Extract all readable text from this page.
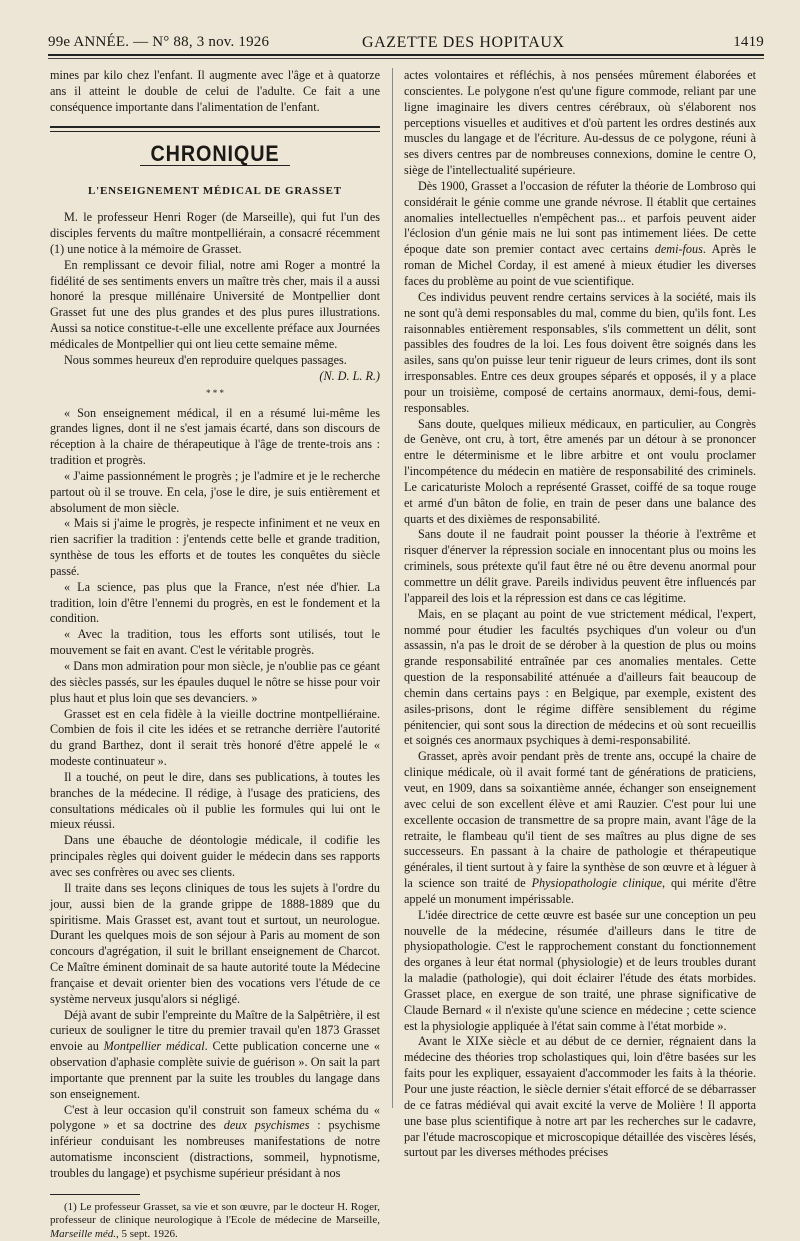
99e ANNÉE. — N° 88, 3 nov. 1926	GAZETTE DES HOPITAUX	1419

mines par kilo chez l'enfant. Il augmente avec l'âge et à quatorze ans il atteint le double de celui de l'adulte. Ce fait a une conséquence importante dans l'alimentation de l'enfant.

CHRONIQUE
L'ENSEIGNEMENT MÉDICAL DE GRASSET

M. le professeur Henri Roger (de Marseille), qui fut l'un des disciples fervents du maître montpelliérain, a consacré récemment (1) une notice à la mémoire de Grasset.

En remplissant ce devoir filial, notre ami Roger a montré la fidélité de ses sentiments envers un maître très cher, mais il a aussi honoré la presque millénaire Université de Montpellier dont Grasset fut une des plus grandes et des plus pures illustrations. Aussi sa notice constitue-t-elle une excellente préface aux Journées médicales de Montpellier qui ont lieu cette semaine même.

Nous sommes heureux d'en reproduire quelques passages.

(N. D. L. R.)
* * *

« Son enseignement médical, il en a résumé lui-même les grandes lignes, dont il ne s'est jamais écarté, dans son discours de réception à la chaire de thérapeutique à l'âge de trente-trois ans : tradition et progrès.

« J'aime passionnément le progrès ; je l'admire et je le recherche partout où il se trouve. En cela, j'ose le dire, je suis entièrement et absolument de mon siècle.

« Mais si j'aime le progrès, je respecte infiniment et ne veux en rien sacrifier la tradition : j'entends cette belle et grande tradition, synthèse de tous les efforts et de toutes les conquêtes du siècle passé.

« La science, pas plus que la France, n'est née d'hier. La tradition, loin d'être l'ennemi du progrès, en est le fondement et la condition.

« Avec la tradition, tous les efforts sont utilisés, tout le mouvement se fait en avant. C'est le véritable progrès.

« Dans mon admiration pour mon siècle, je n'oublie pas ce géant des siècles passés, sur les épaules duquel le nôtre se hisse pour voir plus haut et plus loin que ses devanciers. »

Grasset est en cela fidèle à la vieille doctrine montpelliéraine. Combien de fois il cite les idées et se retranche derrière l'autorité du grand Barthez, dont il serait très honoré d'être appelé le « modeste continuateur ».

Il a touché, on peut le dire, dans ses publications, à toutes les branches de la médecine. Il rédige, à l'usage des praticiens, des consultations médicales où il publie les formules qui lui ont le mieux réussi.

Dans une ébauche de déontologie médicale, il codifie les principales règles qui doivent guider le médecin dans ses rapports avec ses confrères ou avec ses clients.

Il traite dans ses leçons cliniques de tous les sujets à l'ordre du jour, aussi bien de la grande grippe de 1888-1889 que du spiritisme. Mais Grasset est, avant tout et surtout, un neurologue. Durant les quelques mois de son séjour à Paris au moment de son concours d'agrégation, il suit le brillant enseignement de Charcot. Ce Maître éminent dominait de sa haute autorité toute la Médecine française et devait orienter bien des vocations vers l'étude de ce système nerveux jusqu'alors si négligé.

Déjà avant de subir l'empreinte du Maître de la Salpêtrière, il est curieux de souligner le titre du premier travail qu'en 1873 Grasset envoie au Montpellier médical. Cette publication concerne une « observation d'aphasie complète suivie de guérison ». On sait la part importante que prennent par la suite les troubles du langage dans son enseignement.

C'est à leur occasion qu'il construit son fameux schéma du « polygone » et sa doctrine des deux psychismes : psychisme inférieur conduisant les nombreuses manifestations de notre automatisme inconscient (distractions, sommeil, hypnotisme, troubles du langage) et psychisme supérieur présidant à nos

(1) Le professeur Grasset, sa vie et son œuvre, par le docteur H. Roger, professeur de clinique neurologique à l'Ecole de médecine de Marseille, Marseille méd., 5 sept. 1926.

actes volontaires et réfléchis, à nos pensées mûrement élaborées et conscientes. Le polygone n'est qu'une figure commode, reliant par une ligne imaginaire les divers centres cérébraux, où s'élaborent nos perceptions visuelles et auditives et d'où partent les ordres destinés aux muscles du langage et de l'écriture. Au-dessus de ce polygone, réuni à ses divers centres par de nombreuses connexions, domine le centre O, siège de l'intellectualité supérieure.

Dès 1900, Grasset a l'occasion de réfuter la théorie de Lombroso qui considérait le génie comme une grande névrose. Il établit que certaines anomalies intellectuelles n'empêchent pas... et parfois peuvent aider l'éclosion d'un génie mais ne lui sont pas intimement liées. De cette époque date son premier contact avec certains demi-fous. Après le roman de Michel Corday, il est amené à mieux étudier les diverses faces du problème au point de vue scientifique.

Ces individus peuvent rendre certains services à la société, mais ils ne sont qu'à demi responsables du mal, comme du bien, qu'ils font. Les raisonnables entièrement responsables, s'ils commettent un délit, sont passibles des foudres de la loi. Les fous doivent être soignés dans les asiles, sans qu'on puisse leur tenir rigueur de leurs crimes, dont ils sont irresponsables. Entre ces deux groupes séparés et opposés, il y a place pour un troisième, composé de certains anormaux, demi-fous, demi-responsables.

Sans doute, quelques milieux médicaux, en particulier, au Congrès de Genève, ont cru, à tort, être amenés par un détour à se prononcer entre le déterminisme et le libre arbitre et ont voulu proclamer l'incompétence du médecin en matière de responsabilité des criminels. Le caricaturiste Moloch a représenté Grasset, coiffé de sa toque rouge et armé d'un bâton de folie, en train de peser dans une balance des quarts et des dixièmes de responsabilité.

Sans doute il ne faudrait point pousser la théorie à l'extrême et risquer d'énerver la répression sociale en innocentant plus ou moins les criminels, sous prétexte qu'il faut être né ou être devenu anormal pour commettre un délit grave. Pareils individus peuvent être influencés par l'appareil des lois et la répression est dans ce cas légitime.

Mais, en se plaçant au point de vue strictement médical, l'expert, nommé pour étudier les facultés psychiques d'un voleur ou d'un assassin, n'a pas le droit de se dérober à la question de plus ou moins grande responsabilité entraînée par ces anomalies mentales. Cette question de la responsabilité atténuée a d'ailleurs fait beaucoup de chemin dans certains pays : en Belgique, par exemple, existent des asiles-prisons, dont le régime diffère sensiblement du régime pénitencier, qui sont sous la direction de médecins et où sont recueillis et soignés ces anormaux psychiques à demi-responsabilité.

Grasset, après avoir pendant près de trente ans, occupé la chaire de clinique médicale, où il avait formé tant de générations de praticiens, veut, en 1909, dans sa soixantième année, échanger son enseignement avec celui de son excellent élève et ami Rauzier. C'est pour lui une excellente occasion de transmettre de sa propre main, avant l'âge de la retraite, le flambeau qu'il tient de ses maîtres au plus digne de ses successeurs. En passant à la chaire de pathologie et thérapeutique générales, il tient surtout à y faire la synthèse de son œuvre et à léguer à la science son traité de Physiopathologie clinique, qui mérite d'être appelé un monument impérissable.

L'idée directrice de cette œuvre est basée sur une conception un peu nouvelle de la médecine, résumée d'ailleurs dans le titre de physiopathologie. C'est le rapprochement constant du fonctionnement des organes à leur état normal (physiologie) et de leurs troubles durant la maladie (pathologie), qui doit éclairer l'étude des états morbides. Grasset place, en exergue de son traité, une phrase significative de Claude Bernard « il n'existe qu'une science en médecine ; cette science est la physiologie appliquée à l'état sain comme à l'état morbide ».

Avant le XIXe siècle et au début de ce dernier, régnaient dans la médecine des théories trop scholastiques qui, loin d'être basées sur les faits pour les expliquer, essayaient d'accommoder les faits à la théorie. Pour une juste réaction, le siècle dernier s'était efforcé de se débarrasser de ce fatras médiéval qui avait excité la verve de Molière ! Il apporta une base plus scientifique à notre art par les recherches sur le cadavre, par l'étude macroscopique et microscopique détaillée des viscères lésés, surtout par les diverses méthodes précises
